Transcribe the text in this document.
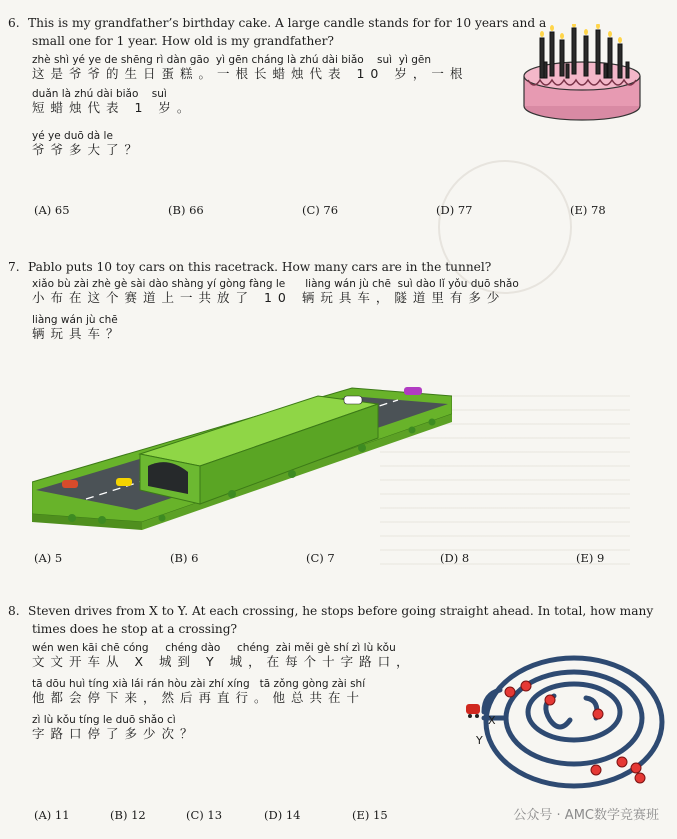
6. This is my grandfather’s birthday cake. A large candle stands for for 10 years and a
small one for 1 year. How old is my grandfather?
zhè shì yé ye de shēng rì dàn gāo  yì gēn cháng là zhú dài biǎo    suì  yì gēn
这是爷爷的生日蛋糕。一根长蜡烛代表 10 岁，一根
duǎn là zhú dài biǎo    suì
短蜡烛代表 1 岁。
yé ye duō dà le
爷爷多大了？
(A) 65	(B) 66	(C) 76	(D) 77	(E) 78
7. Pablo puts 10 toy cars on this racetrack. How many cars are in the tunnel?
xiǎo bù zài zhè gè sài dào shàng yí gòng fàng le      liàng wán jù chē  suì dào lǐ yǒu duō shǎo
小布在这个赛道上一共放了 10 辆玩具车，隧道里有多少
liàng wán jù chē
辆玩具车？
(A) 5	(B) 6	(C) 7	(D) 8	(E) 9
8. Steven drives from X to Y. At each crossing, he stops before going straight ahead. In total, how many
times does he stop at a crossing?
wén wen kāi chē cóng     chéng dào     chéng  zài měi gè shí zì lù kǒu
文文开车从 X 城到 Y 城，在每个十字路口，
tā dōu huì tíng xià lái rán hòu zài zhí xíng   tā zǒng gòng zài shí
他都会停下来，然后再直行。他总共在十
zì lù kǒu tíng le duō shǎo cì
字路口停了多少次？
X
Y
(A) 11	(B) 12	(C) 13	(D) 14	(E) 15	公众号 · AMC数学竞赛班
